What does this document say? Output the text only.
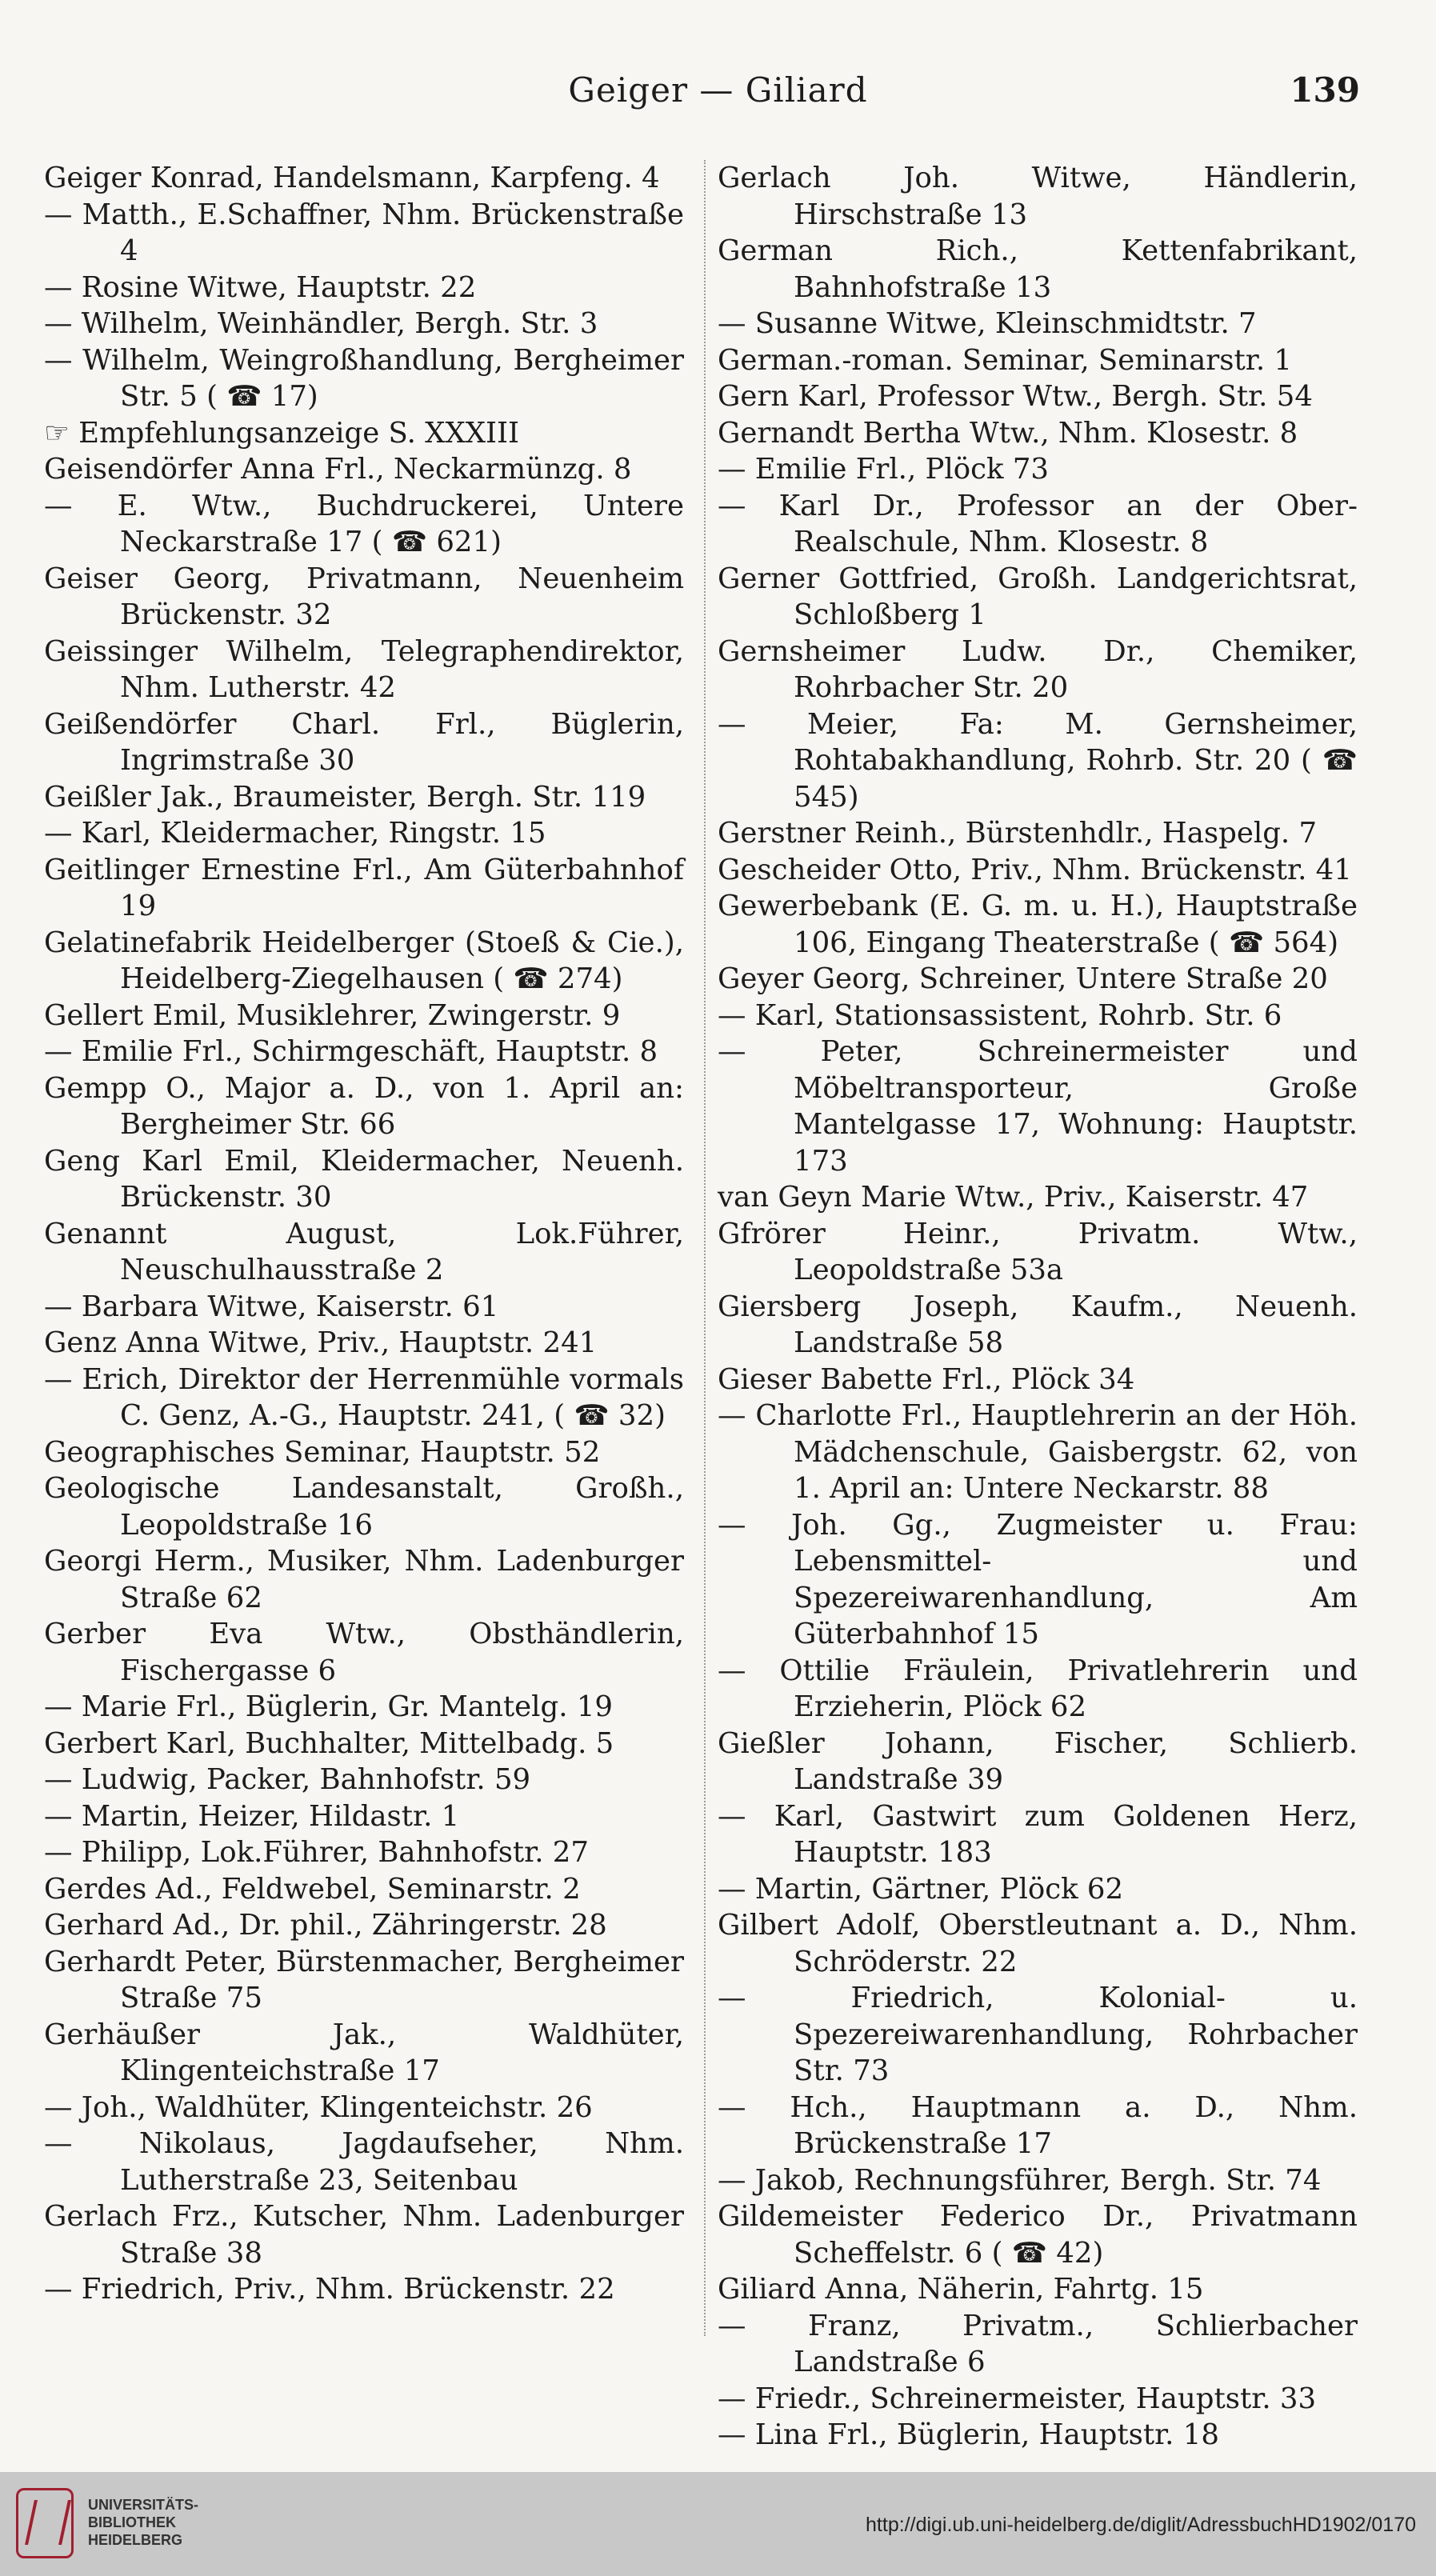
Geiger — Giliard	139

Geiger Konrad, Handelsmann, Karpfeng. 4

— Matth., E.Schaffner, Nhm. Brückenstraße 4

— Rosine Witwe, Hauptstr. 22

— Wilhelm, Weinhändler, Bergh. Str. 3

— Wilhelm, Weingroßhandlung, Bergheimer Str. 5 ( ☎ 17)

☞ Empfehlungsanzeige S. XXXIII

Geisendörfer Anna Frl., Neckarmünzg. 8

— E. Wtw., Buchdruckerei, Untere Neckarstraße 17 ( ☎ 621)

Geiser Georg, Privatmann, Neuenheim Brückenstr. 32

Geissinger Wilhelm, Telegraphendirektor, Nhm. Lutherstr. 42

Geißendörfer Charl. Frl., Büglerin, Ingrimstraße 30

Geißler Jak., Braumeister, Bergh. Str. 119

— Karl, Kleidermacher, Ringstr. 15

Geitlinger Ernestine Frl., Am Güterbahnhof 19

Gelatinefabrik Heidelberger (Stoeß & Cie.), Heidelberg-Ziegelhausen ( ☎ 274)

Gellert Emil, Musiklehrer, Zwingerstr. 9

— Emilie Frl., Schirmgeschäft, Hauptstr. 8

Gempp O., Major a. D., von 1. April an: Bergheimer Str. 66

Geng Karl Emil, Kleidermacher, Neuenh. Brückenstr. 30

Genannt August, Lok.Führer, Neuschulhausstraße 2

— Barbara Witwe, Kaiserstr. 61

Genz Anna Witwe, Priv., Hauptstr. 241

— Erich, Direktor der Herrenmühle vormals C. Genz, A.-G., Hauptstr. 241, ( ☎ 32)

Geographisches Seminar, Hauptstr. 52

Geologische Landesanstalt, Großh., Leopoldstraße 16

Georgi Herm., Musiker, Nhm. Ladenburger Straße 62

Gerber Eva Wtw., Obsthändlerin, Fischergasse 6

— Marie Frl., Büglerin, Gr. Mantelg. 19

Gerbert Karl, Buchhalter, Mittelbadg. 5

— Ludwig, Packer, Bahnhofstr. 59

— Martin, Heizer, Hildastr. 1

— Philipp, Lok.Führer, Bahnhofstr. 27

Gerdes Ad., Feldwebel, Seminarstr. 2

Gerhard Ad., Dr. phil., Zähringerstr. 28

Gerhardt Peter, Bürstenmacher, Bergheimer Straße 75

Gerhäußer Jak., Waldhüter, Klingenteichstraße 17

— Joh., Waldhüter, Klingenteichstr. 26

— Nikolaus, Jagdaufseher, Nhm. Lutherstraße 23, Seitenbau

Gerlach Frz., Kutscher, Nhm. Ladenburger Straße 38

— Friedrich, Priv., Nhm. Brückenstr. 22

Gerlach Joh. Witwe, Händlerin, Hirschstraße 13

German Rich., Kettenfabrikant, Bahnhofstraße 13

— Susanne Witwe, Kleinschmidtstr. 7

German.-roman. Seminar, Seminarstr. 1

Gern Karl, Professor Wtw., Bergh. Str. 54

Gernandt Bertha Wtw., Nhm. Klosestr. 8

— Emilie Frl., Plöck 73

— Karl Dr., Professor an der Ober-Realschule, Nhm. Klosestr. 8

Gerner Gottfried, Großh. Landgerichtsrat, Schloßberg 1

Gernsheimer Ludw. Dr., Chemiker, Rohrbacher Str. 20

— Meier, Fa: M. Gernsheimer, Rohtabakhandlung, Rohrb. Str. 20 ( ☎ 545)

Gerstner Reinh., Bürstenhdlr., Haspelg. 7

Gescheider Otto, Priv., Nhm. Brückenstr. 41

Gewerbebank (E. G. m. u. H.), Hauptstraße 106, Eingang Theaterstraße ( ☎ 564)

Geyer Georg, Schreiner, Untere Straße 20

— Karl, Stationsassistent, Rohrb. Str. 6

— Peter, Schreinermeister und Möbeltransporteur, Große Mantelgasse 17, Wohnung: Hauptstr. 173

van Geyn Marie Wtw., Priv., Kaiserstr. 47

Gfrörer Heinr., Privatm. Wtw., Leopoldstraße 53a

Giersberg Joseph, Kaufm., Neuenh. Landstraße 58

Gieser Babette Frl., Plöck 34

— Charlotte Frl., Hauptlehrerin an der Höh. Mädchenschule, Gaisbergstr. 62, von 1. April an: Untere Neckarstr. 88

— Joh. Gg., Zugmeister u. Frau: Lebensmittel- und Spezereiwarenhandlung, Am Güterbahnhof 15

— Ottilie Fräulein, Privatlehrerin und Erzieherin, Plöck 62

Gießler Johann, Fischer, Schlierb. Landstraße 39

— Karl, Gastwirt zum Goldenen Herz, Hauptstr. 183

— Martin, Gärtner, Plöck 62

Gilbert Adolf, Oberstleutnant a. D., Nhm. Schröderstr. 22

— Friedrich, Kolonial- u. Spezereiwarenhandlung, Rohrbacher Str. 73

— Hch., Hauptmann a. D., Nhm. Brückenstraße 17

— Jakob, Rechnungsführer, Bergh. Str. 74

Gildemeister Federico Dr., Privatmann Scheffelstr. 6 ( ☎ 42)

Giliard Anna, Näherin, Fahrtg. 15

— Franz, Privatm., Schlierbacher Landstraße 6

— Friedr., Schreinermeister, Hauptstr. 33

— Lina Frl., Büglerin, Hauptstr. 18

UNIVERSITÄTS-
BIBLIOTHEK
HEIDELBERG
http://digi.ub.uni-heidelberg.de/diglit/AdressbuchHD1902/0170
